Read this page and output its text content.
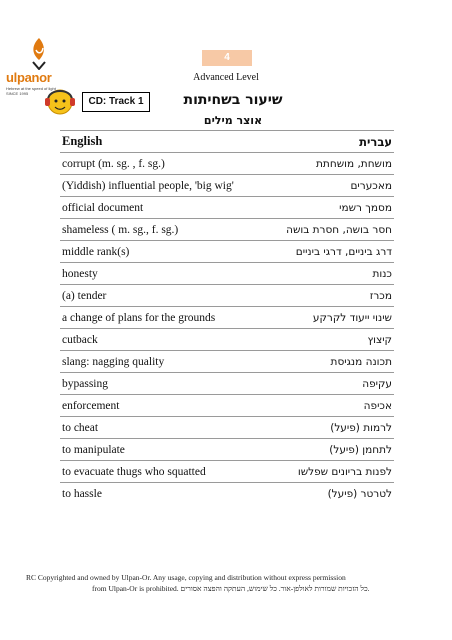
ulpanor
Hebrew at the speed of light
SINCE 1995
4
Advanced Level
CD: Track 1	שיעור בשחיתות
אוצר מילים
English	עברית
corrupt (m. sg. , f. sg.)	מושחת, מושחתת
(Yiddish) influential people, 'big wig'	מאכערים
official document	מסמך רשמי
shameless ( m. sg., f. sg.)	חסר בושה, חסרת בושה
middle rank(s)	דרג ביניים, דרגי ביניים
honesty	כנות
(a) tender	מכרז
a change of plans for the grounds	שינוי ייעוד לקרקע
cutback	קיצוץ
slang: nagging quality	תכונה מנגיסת
bypassing	עקיפה
enforcement	אכיפה
to cheat	לרמות (פיעל)
to manipulate	לתחמן (פיעל)
to evacuate thugs who squatted	לפנות בריונים שפלשו
to hassle	לטרטר (פיעל)
RC Copyrighted and owned by Ulpan-Or. Any usage, copying and distribution without express permission
from Ulpan-Or is prohibited. כל הזכויות שמורות לאולפן-אור. כל שימוש, העתקה והפצה אסורים.
